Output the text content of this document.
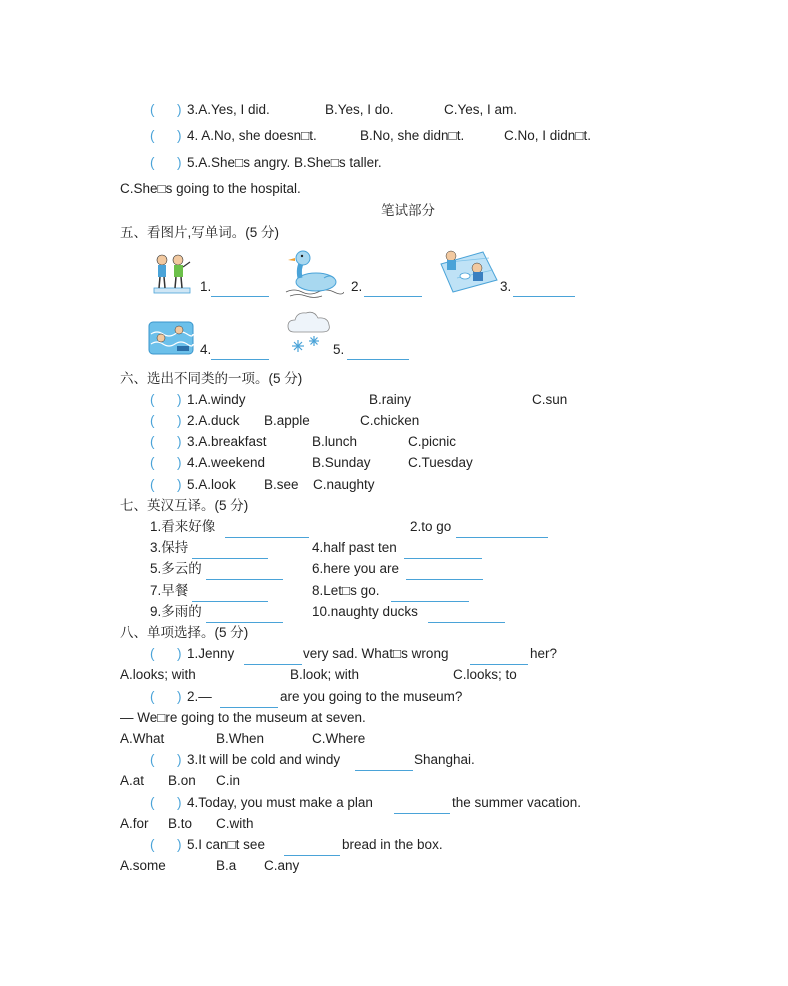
(      ) 3.A.Yes, I did.	B.Yes, I do.	C.Yes, I am.
(      ) 4. A.No, she doesn□t.	B.No, she didn□t.	C.No, I didn□t.
(      ) 5.A.She□s angry. B.She□s taller.
C.She□s going to the hospital.
笔试部分
五、看图片,写单词。(5 分)
1.	2.	3.
4.	5.
六、选出不同类的一项。(5 分)
(      ) 1.A.windy	B.rainy	C.sun
(      ) 2.A.duck B.apple	C.chicken
(      ) 3.A.breakfast	B.lunch	C.picnic
(      ) 4.A.weekend	B.Sunday	C.Tuesday
(      ) 5.A.look B.see C.naughty
七、英汉互译。(5 分)
1.看来好像	2.to go
3.保持	4.half past ten
5.多云的	6.here you are
7.早餐	8.Let□s go.
9.多雨的	10.naughty ducks
八、单项选择。(5 分)
(      ) 1.Jenny	very sad. What□s wrong	her?
A.looks; with	B.look; with	C.looks; to
(      ) 2.—	are you going to the museum?
— We□re going to the museum at seven.
A.What	B.When	C.Where
(      ) 3.It will be cold and windy	Shanghai.
A.at B.on C.in
(      ) 4.Today, you must make a plan	the summer vacation.
A.for B.to C.with
(      ) 5.I can□t see	bread in the box.
A.some	B.a C.any
